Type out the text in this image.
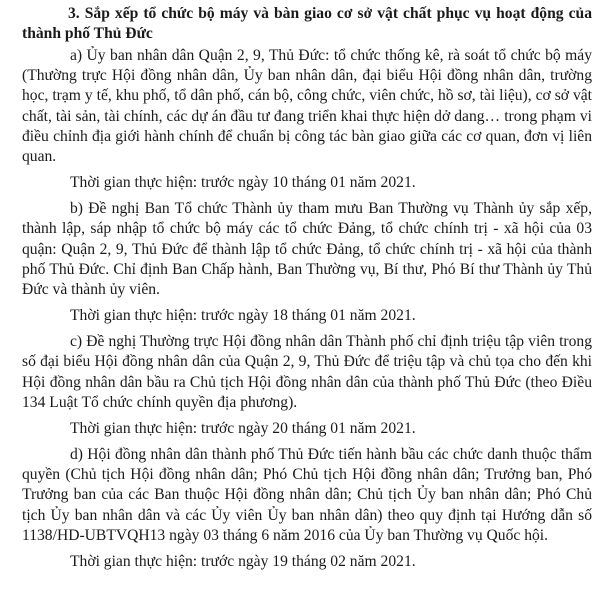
3. Sắp xếp tổ chức bộ máy và bàn giao cơ sở vật chất phục vụ hoạt động của thành phố Thủ Đức

a) Ủy ban nhân dân Quận 2, 9, Thủ Đức: tổ chức thống kê, rà soát tổ chức bộ máy (Thường trực Hội đồng nhân dân, Ủy ban nhân dân, đại biểu Hội đồng nhân dân, trường học, trạm y tế, khu phố, tổ dân phố, cán bộ, công chức, viên chức, hồ sơ, tài liệu), cơ sở vật chất, tài sản, tài chính, các dự án đầu tư đang triển khai thực hiện dở dang… trong phạm vi điều chỉnh địa giới hành chính để chuẩn bị công tác bàn giao giữa các cơ quan, đơn vị liên quan.

Thời gian thực hiện: trước ngày 10 tháng 01 năm 2021.

b) Đề nghị Ban Tổ chức Thành ủy tham mưu Ban Thường vụ Thành ủy sắp xếp, thành lập, sáp nhập tổ chức bộ máy các tổ chức Đảng, tổ chức chính trị - xã hội của 03 quận: Quận 2, 9, Thủ Đức để thành lập tổ chức Đảng, tổ chức chính trị - xã hội của thành phố Thủ Đức. Chỉ định Ban Chấp hành, Ban Thường vụ, Bí thư, Phó Bí thư Thành ủy Thủ Đức và thành ủy viên.

Thời gian thực hiện: trước ngày 18 tháng 01 năm 2021.

c) Đề nghị Thường trực Hội đồng nhân dân Thành phố chỉ định triệu tập viên trong số đại biểu Hội đồng nhân dân của Quận 2, 9, Thủ Đức để triệu tập và chủ tọa cho đến khi Hội đồng nhân dân bầu ra Chủ tịch Hội đồng nhân dân của thành phố Thủ Đức (theo Điều 134 Luật Tổ chức chính quyền địa phương).

Thời gian thực hiện: trước ngày 20 tháng 01 năm 2021.

d) Hội đồng nhân dân thành phố Thủ Đức tiến hành bầu các chức danh thuộc thẩm quyền (Chủ tịch Hội đồng nhân dân; Phó Chủ tịch Hội đồng nhân dân; Trưởng ban, Phó Trưởng ban của các Ban thuộc Hội đồng nhân dân; Chủ tịch Ủy ban nhân dân; Phó Chủ tịch Ủy ban nhân dân và các Ủy viên Ủy ban nhân dân) theo quy định tại Hướng dẫn số 1138/HD-UBTVQH13 ngày 03 tháng 6 năm 2016 của Ủy ban Thường vụ Quốc hội.

Thời gian thực hiện: trước ngày 19 tháng 02 năm 2021.
